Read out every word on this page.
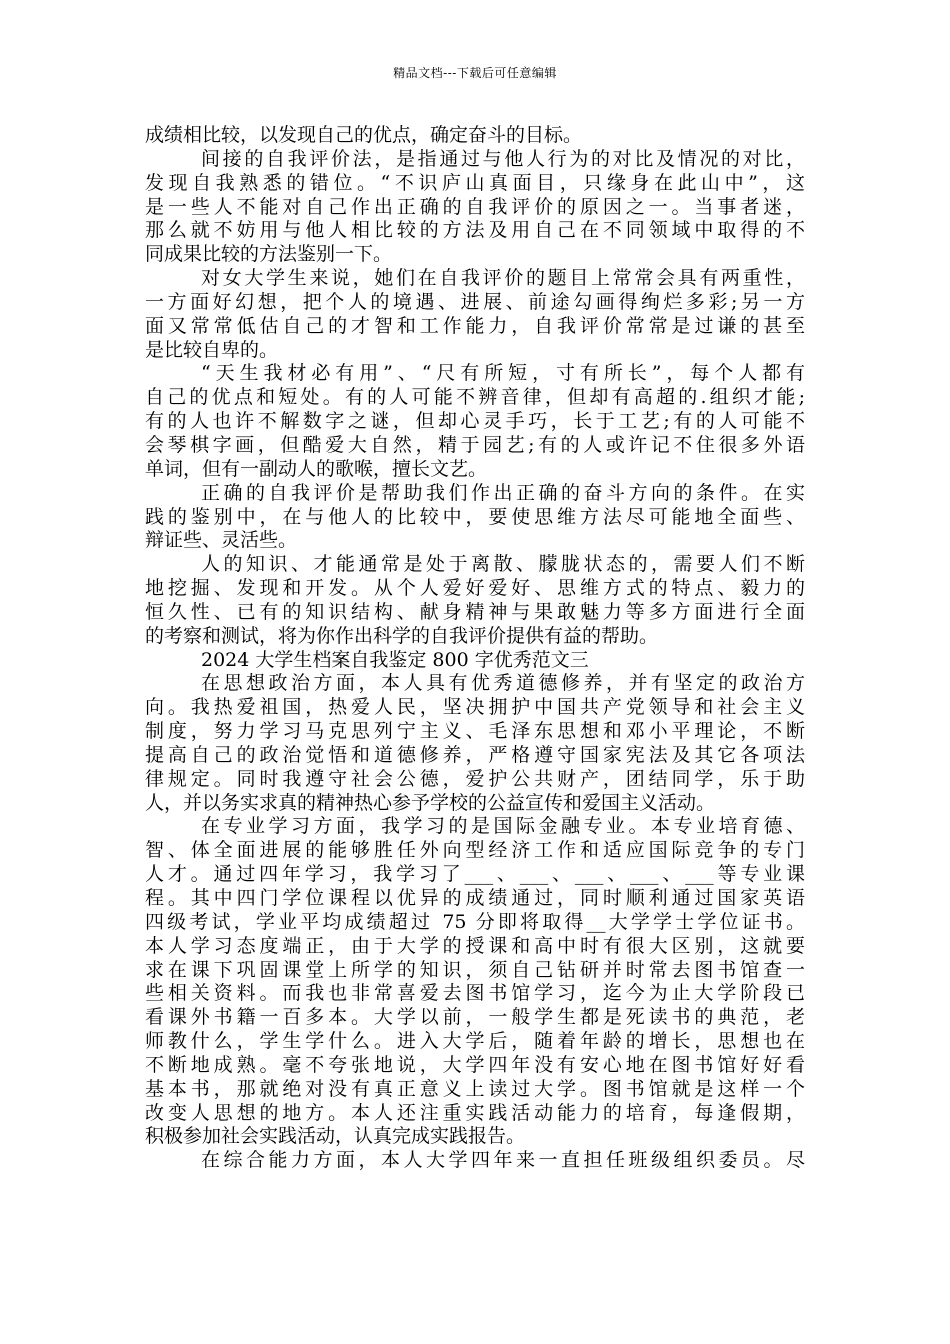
精品文档---下载后可任意编辑
成绩相比较，以发现自己的优点，确定奋斗的目标。
间接的自我评价法，是指通过与他人行为的对比及情况的对比，
发现自我熟悉的错位。“不识庐山真面目，只缘身在此山中”，这
是一些人不能对自己作出正确的自我评价的原因之一。当事者迷，
那么就不妨用与他人相比较的方法及用自己在不同领域中取得的不
同成果比较的方法鉴别一下。
对女大学生来说，她们在自我评价的题目上常常会具有两重性，
一方面好幻想，把个人的境遇、进展、前途勾画得绚烂多彩;另一方
面又常常低估自己的才智和工作能力，自我评价常常是过谦的甚至
是比较自卑的。
“天生我材必有用”、“尺有所短，寸有所长”，每个人都有
自己的优点和短处。有的人可能不辨音律，但却有高超的.组织才能;
有的人也许不解数字之谜，但却心灵手巧，长于工艺;有的人可能不
会琴棋字画，但酷爱大自然，精于园艺;有的人或许记不住很多外语
单词，但有一副动人的歌喉，擅长文艺。
正确的自我评价是帮助我们作出正确的奋斗方向的条件。在实
践的鉴别中，在与他人的比较中，要使思维方法尽可能地全面些、
辩证些、灵活些。
人的知识、才能通常是处于离散、朦胧状态的，需要人们不断
地挖掘、发现和开发。从个人爱好爱好、思维方式的特点、毅力的
恒久性、已有的知识结构、献身精神与果敢魅力等多方面进行全面
的考察和测试，将为你作出科学的自我评价提供有益的帮助。
2024 大学生档案自我鉴定 800 字优秀范文三
在思想政治方面，本人具有优秀道德修养，并有坚定的政治方
向。我热爱祖国，热爱人民，坚决拥护中国共产党领导和社会主义
制度，努力学习马克思列宁主义、毛泽东思想和邓小平理论，不断
提高自己的政治觉悟和道德修养，严格遵守国家宪法及其它各项法
律规定。同时我遵守社会公德，爱护公共财产，团结同学，乐于助
人，并以务实求真的精神热心参予学校的公益宣传和爱国主义活动。
在专业学习方面，我学习的是国际金融专业。本专业培育德、
智、体全面进展的能够胜任外向型经济工作和适应国际竞争的专门
人才。通过四年学习，我学习了___、___、___、___、___等专业课
程。其中四门学位课程以优异的成绩通过，同时顺利通过国家英语
四级考试，学业平均成绩超过 75 分即将取得__大学学士学位证书。
本人学习态度端正，由于大学的授课和高中时有很大区别，这就要
求在课下巩固课堂上所学的知识，须自己钻研并时常去图书馆查一
些相关资料。而我也非常喜爱去图书馆学习，迄今为止大学阶段已
看课外书籍一百多本。大学以前，一般学生都是死读书的典范，老
师教什么，学生学什么。进入大学后，随着年龄的增长，思想也在
不断地成熟。毫不夸张地说，大学四年没有安心地在图书馆好好看
基本书，那就绝对没有真正意义上读过大学。图书馆就是这样一个
改变人思想的地方。本人还注重实践活动能力的培育，每逢假期，
积极参加社会实践活动，认真完成实践报告。
在综合能力方面，本人大学四年来一直担任班级组织委员。尽
